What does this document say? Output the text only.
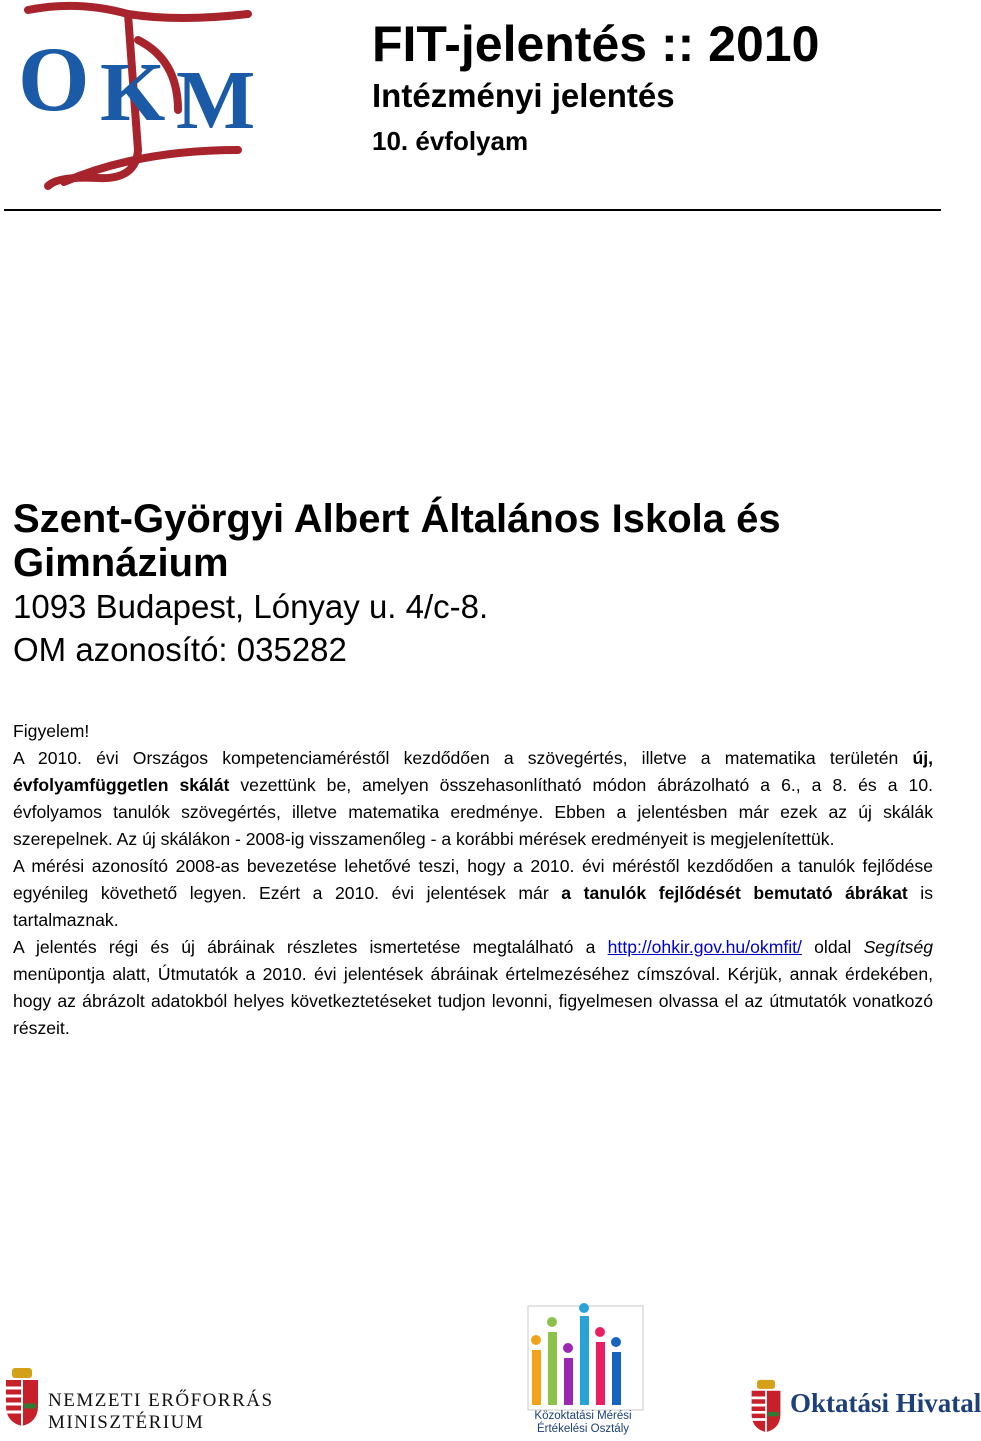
O K M

FIT-jelentés :: 2010

Intézményi jelentés

10. évfolyam

Szent-Györgyi Albert Általános Iskola és Gimnázium

1093 Budapest, Lónyay u. 4/c-8.

OM azonosító: 035282

Figyelem!

A 2010. évi Országos kompetenciaméréstől kezdődően a szövegértés, illetve a matematika területén új, évfolyamfüggetlen skálát vezettünk be, amelyen összehasonlítható módon ábrázolható a 6., a 8. és a 10. évfolyamos tanulók szövegértés, illetve matematika eredménye. Ebben a jelentésben már ezek az új skálák szerepelnek. Az új skálákon - 2008-ig visszamenőleg - a korábbi mérések eredményeit is megjelenítettük.

A mérési azonosító 2008-as bevezetése lehetővé teszi, hogy a 2010. évi méréstől kezdődően a tanulók fejlődése egyénileg követhető legyen. Ezért a 2010. évi jelentések már a tanulók fejlődését bemutató ábrákat is tartalmaznak.

A jelentés régi és új ábráinak részletes ismertetése megtalálható a http://ohkir.gov.hu/okmfit/ oldal Segítség menüpontja alatt, Útmutatók a 2010. évi jelentések ábráinak értelmezéséhez címszóval. Kérjük, annak érdekében, hogy az ábrázolt adatokból helyes következtetéseket tudjon levonni, figyelmesen olvassa el az útmutatók vonatkozó részeit.

NEMZETI ERŐFORRÁS MINISZTÉRIUM	Közoktatási Mérési
Értékelési Osztály
Oktatási Hivatal
